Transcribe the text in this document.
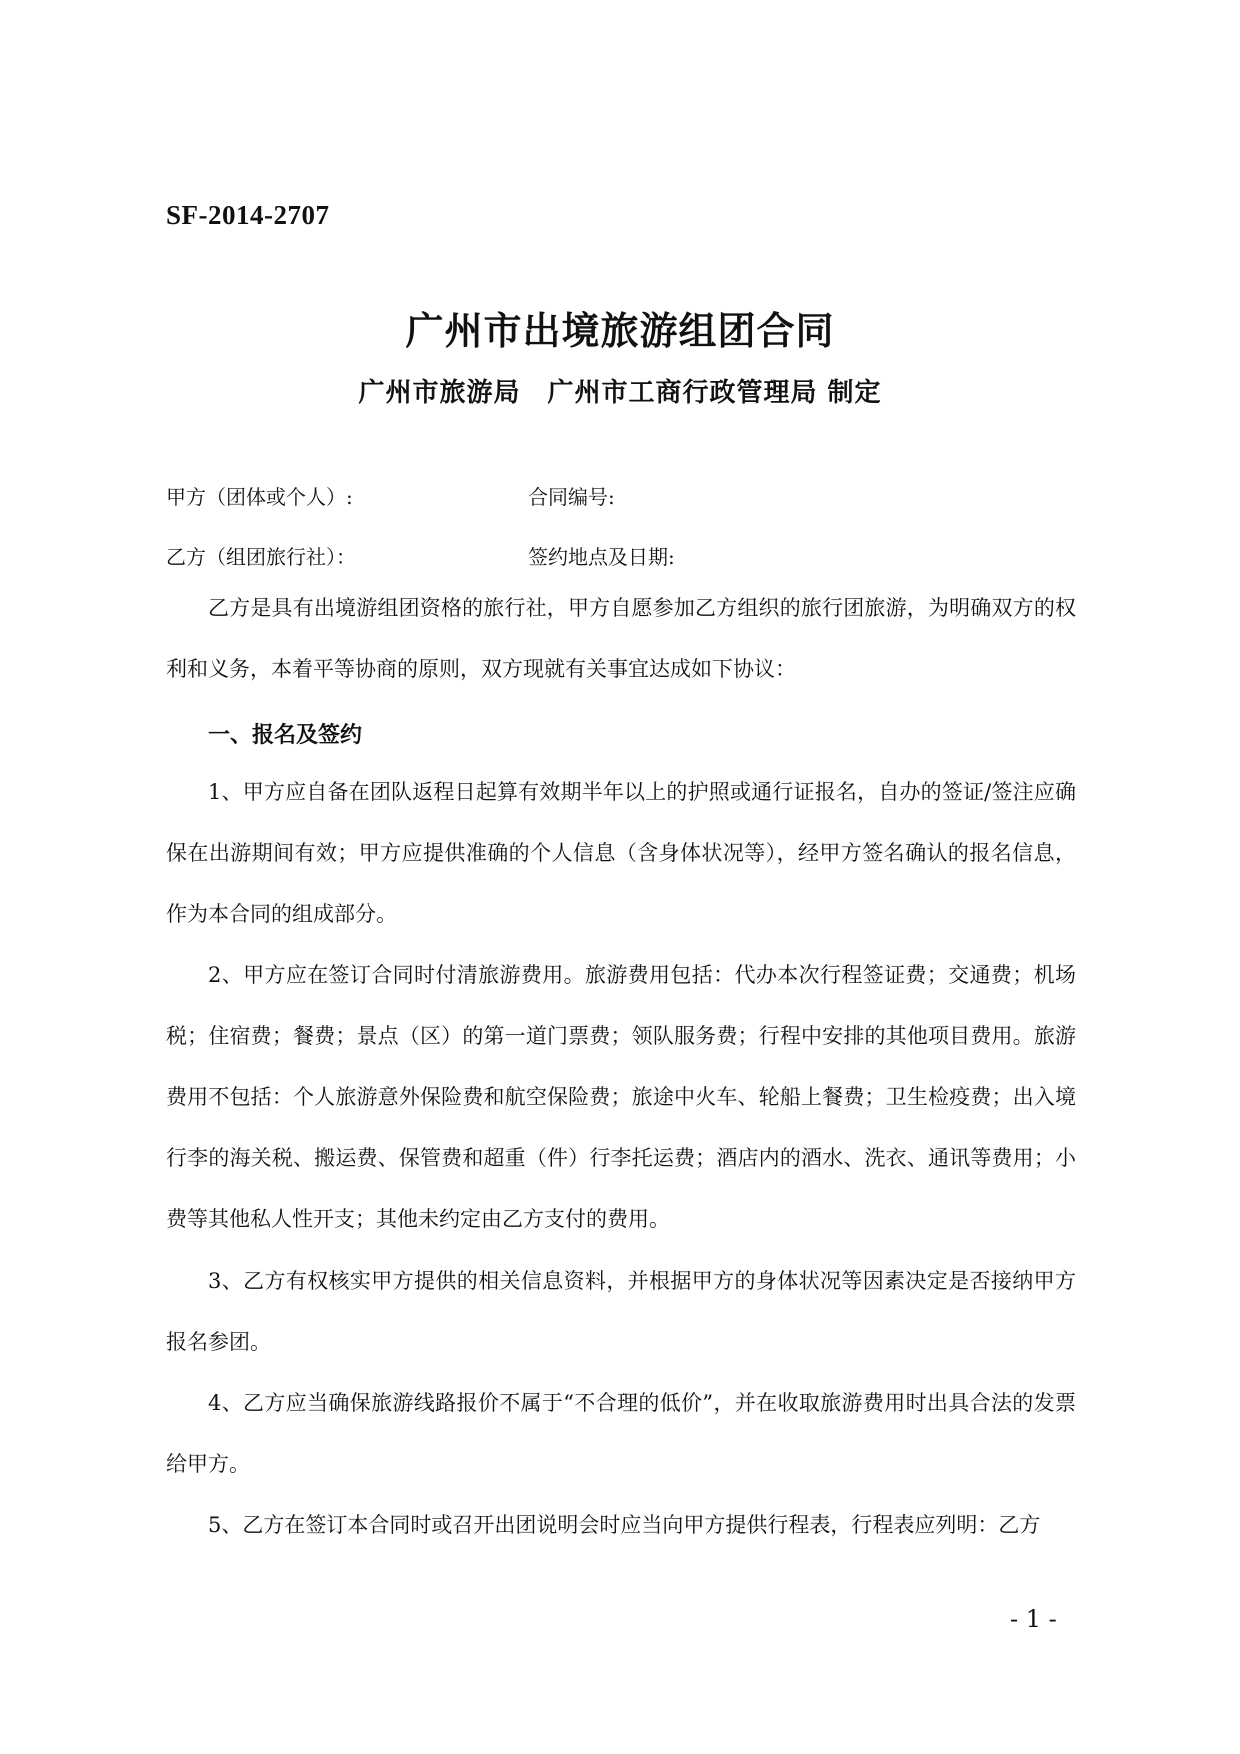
SF-2014-2707
广州市出境旅游组团合同
广州市旅游局　广州市工商行政管理局 制定
甲方（团体或个人）:	合同编号:
乙方（组团旅行社）：	签约地点及日期:

乙方是具有出境游组团资格的旅行社，甲方自愿参加乙方组织的旅行团旅游，为明确双方的权利和义务，本着平等协商的原则，双方现就有关事宜达成如下协议：

一、报名及签约

1、甲方应自备在团队返程日起算有效期半年以上的护照或通行证报名，自办的签证/签注应确保在出游期间有效；甲方应提供准确的个人信息（含身体状况等），经甲方签名确认的报名信息，作为本合同的组成部分。

2、甲方应在签订合同时付清旅游费用。旅游费用包括：代办本次行程签证费；交通费；机场税；住宿费；餐费；景点（区）的第一道门票费；领队服务费；行程中安排的其他项目费用。旅游费用不包括：个人旅游意外保险费和航空保险费；旅途中火车、轮船上餐费；卫生检疫费；出入境行李的海关税、搬运费、保管费和超重（件）行李托运费；酒店内的酒水、洗衣、通讯等费用；小费等其他私人性开支；其他未约定由乙方支付的费用。

3、乙方有权核实甲方提供的相关信息资料，并根据甲方的身体状况等因素决定是否接纳甲方报名参团。

4、乙方应当确保旅游线路报价不属于“不合理的低价”，并在收取旅游费用时出具合法的发票给甲方。

5、乙方在签订本合同时或召开出团说明会时应当向甲方提供行程表，行程表应列明：乙方

- 1 -
